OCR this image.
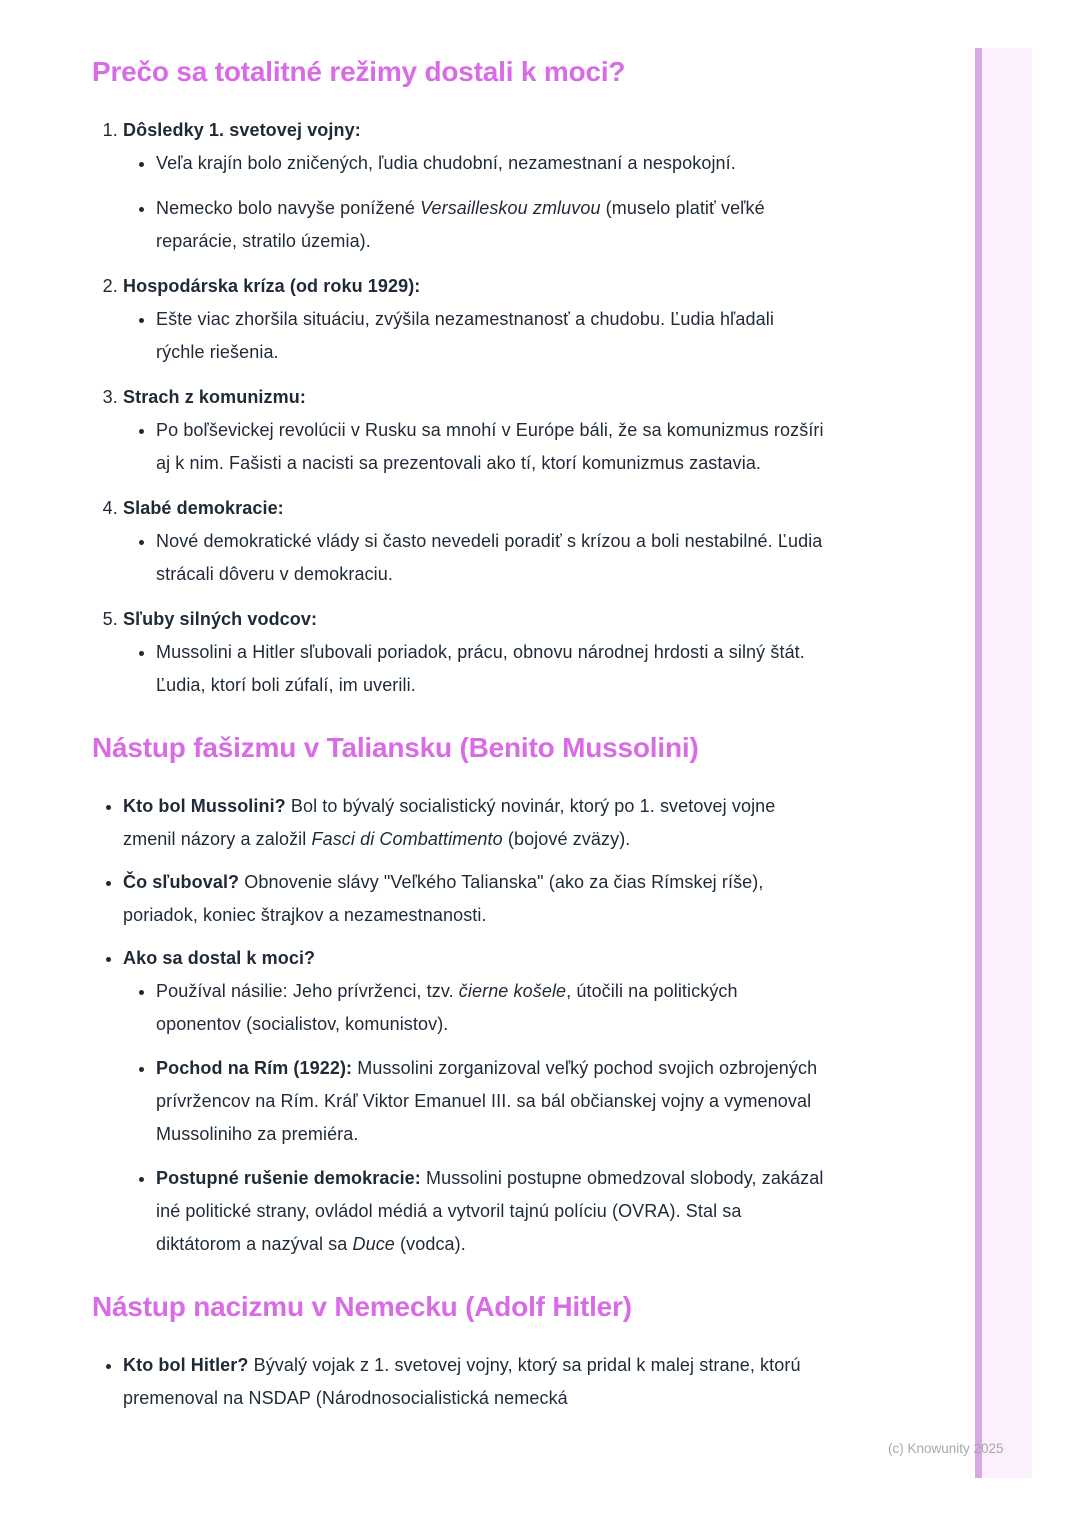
Prečo sa totalitné režimy dostali k moci?
1. Dôsledky 1. svetovej vojny:
• Veľa krajín bolo zničených, ľudia chudobní, nezamestnaní a nespokojní.
• Nemecko bolo navyše ponížené Versailleskou zmluvou (muselo platiť veľké reparácie, stratilo územia).
2. Hospodárska kríza (od roku 1929):
• Ešte viac zhoršila situáciu, zvýšila nezamestnanosť a chudobu. Ľudia hľadali rýchle riešenia.
3. Strach z komunizmu:
• Po boľševickej revolúcii v Rusku sa mnohí v Európe báli, že sa komunizmus rozšíri aj k nim. Fašisti a nacisti sa prezentovali ako tí, ktorí komunizmus zastavia.
4. Slabé demokracie:
• Nové demokratické vlády si často nevedeli poradiť s krízou a boli nestabilné. Ľudia strácali dôveru v demokraciu.
5. Sľuby silných vodcov:
• Mussolini a Hitler sľubovali poriadok, prácu, obnovu národnej hrdosti a silný štát. Ľudia, ktorí boli zúfalí, im uverili.
Nástup fašizmu v Taliansku (Benito Mussolini)
• Kto bol Mussolini? Bol to bývalý socialistický novinár, ktorý po 1. svetovej vojne zmenil názory a založil Fasci di Combattimento (bojové zväzy).
• Čo sľuboval? Obnovenie slávy "Veľkého Talianska" (ako za čias Rímskej ríše), poriadok, koniec štrajkov a nezamestnanosti.
• Ako sa dostal k moci?
• Používal násilie: Jeho prívrženci, tzv. čierne košele, útočili na politických oponentov (socialistov, komunistov).
• Pochod na Rím (1922): Mussolini zorganizoval veľký pochod svojich ozbrojených prívržencov na Rím. Kráľ Viktor Emanuel III. sa bál občianskej vojny a vymenoval Mussoliniho za premiéra.
• Postupné rušenie demokracie: Mussolini postupne obmedzoval slobody, zakázal iné politické strany, ovládol médiá a vytvoril tajnú políciu (OVRA). Stal sa diktátorom a nazýval sa Duce (vodca).
Nástup nacizmu v Nemecku (Adolf Hitler)
• Kto bol Hitler? Bývalý vojak z 1. svetovej vojny, ktorý sa pridal k malej strane, ktorú premenoval na NSDAP (Národnosocialistická nemecká
(c) Knowunity 2025
